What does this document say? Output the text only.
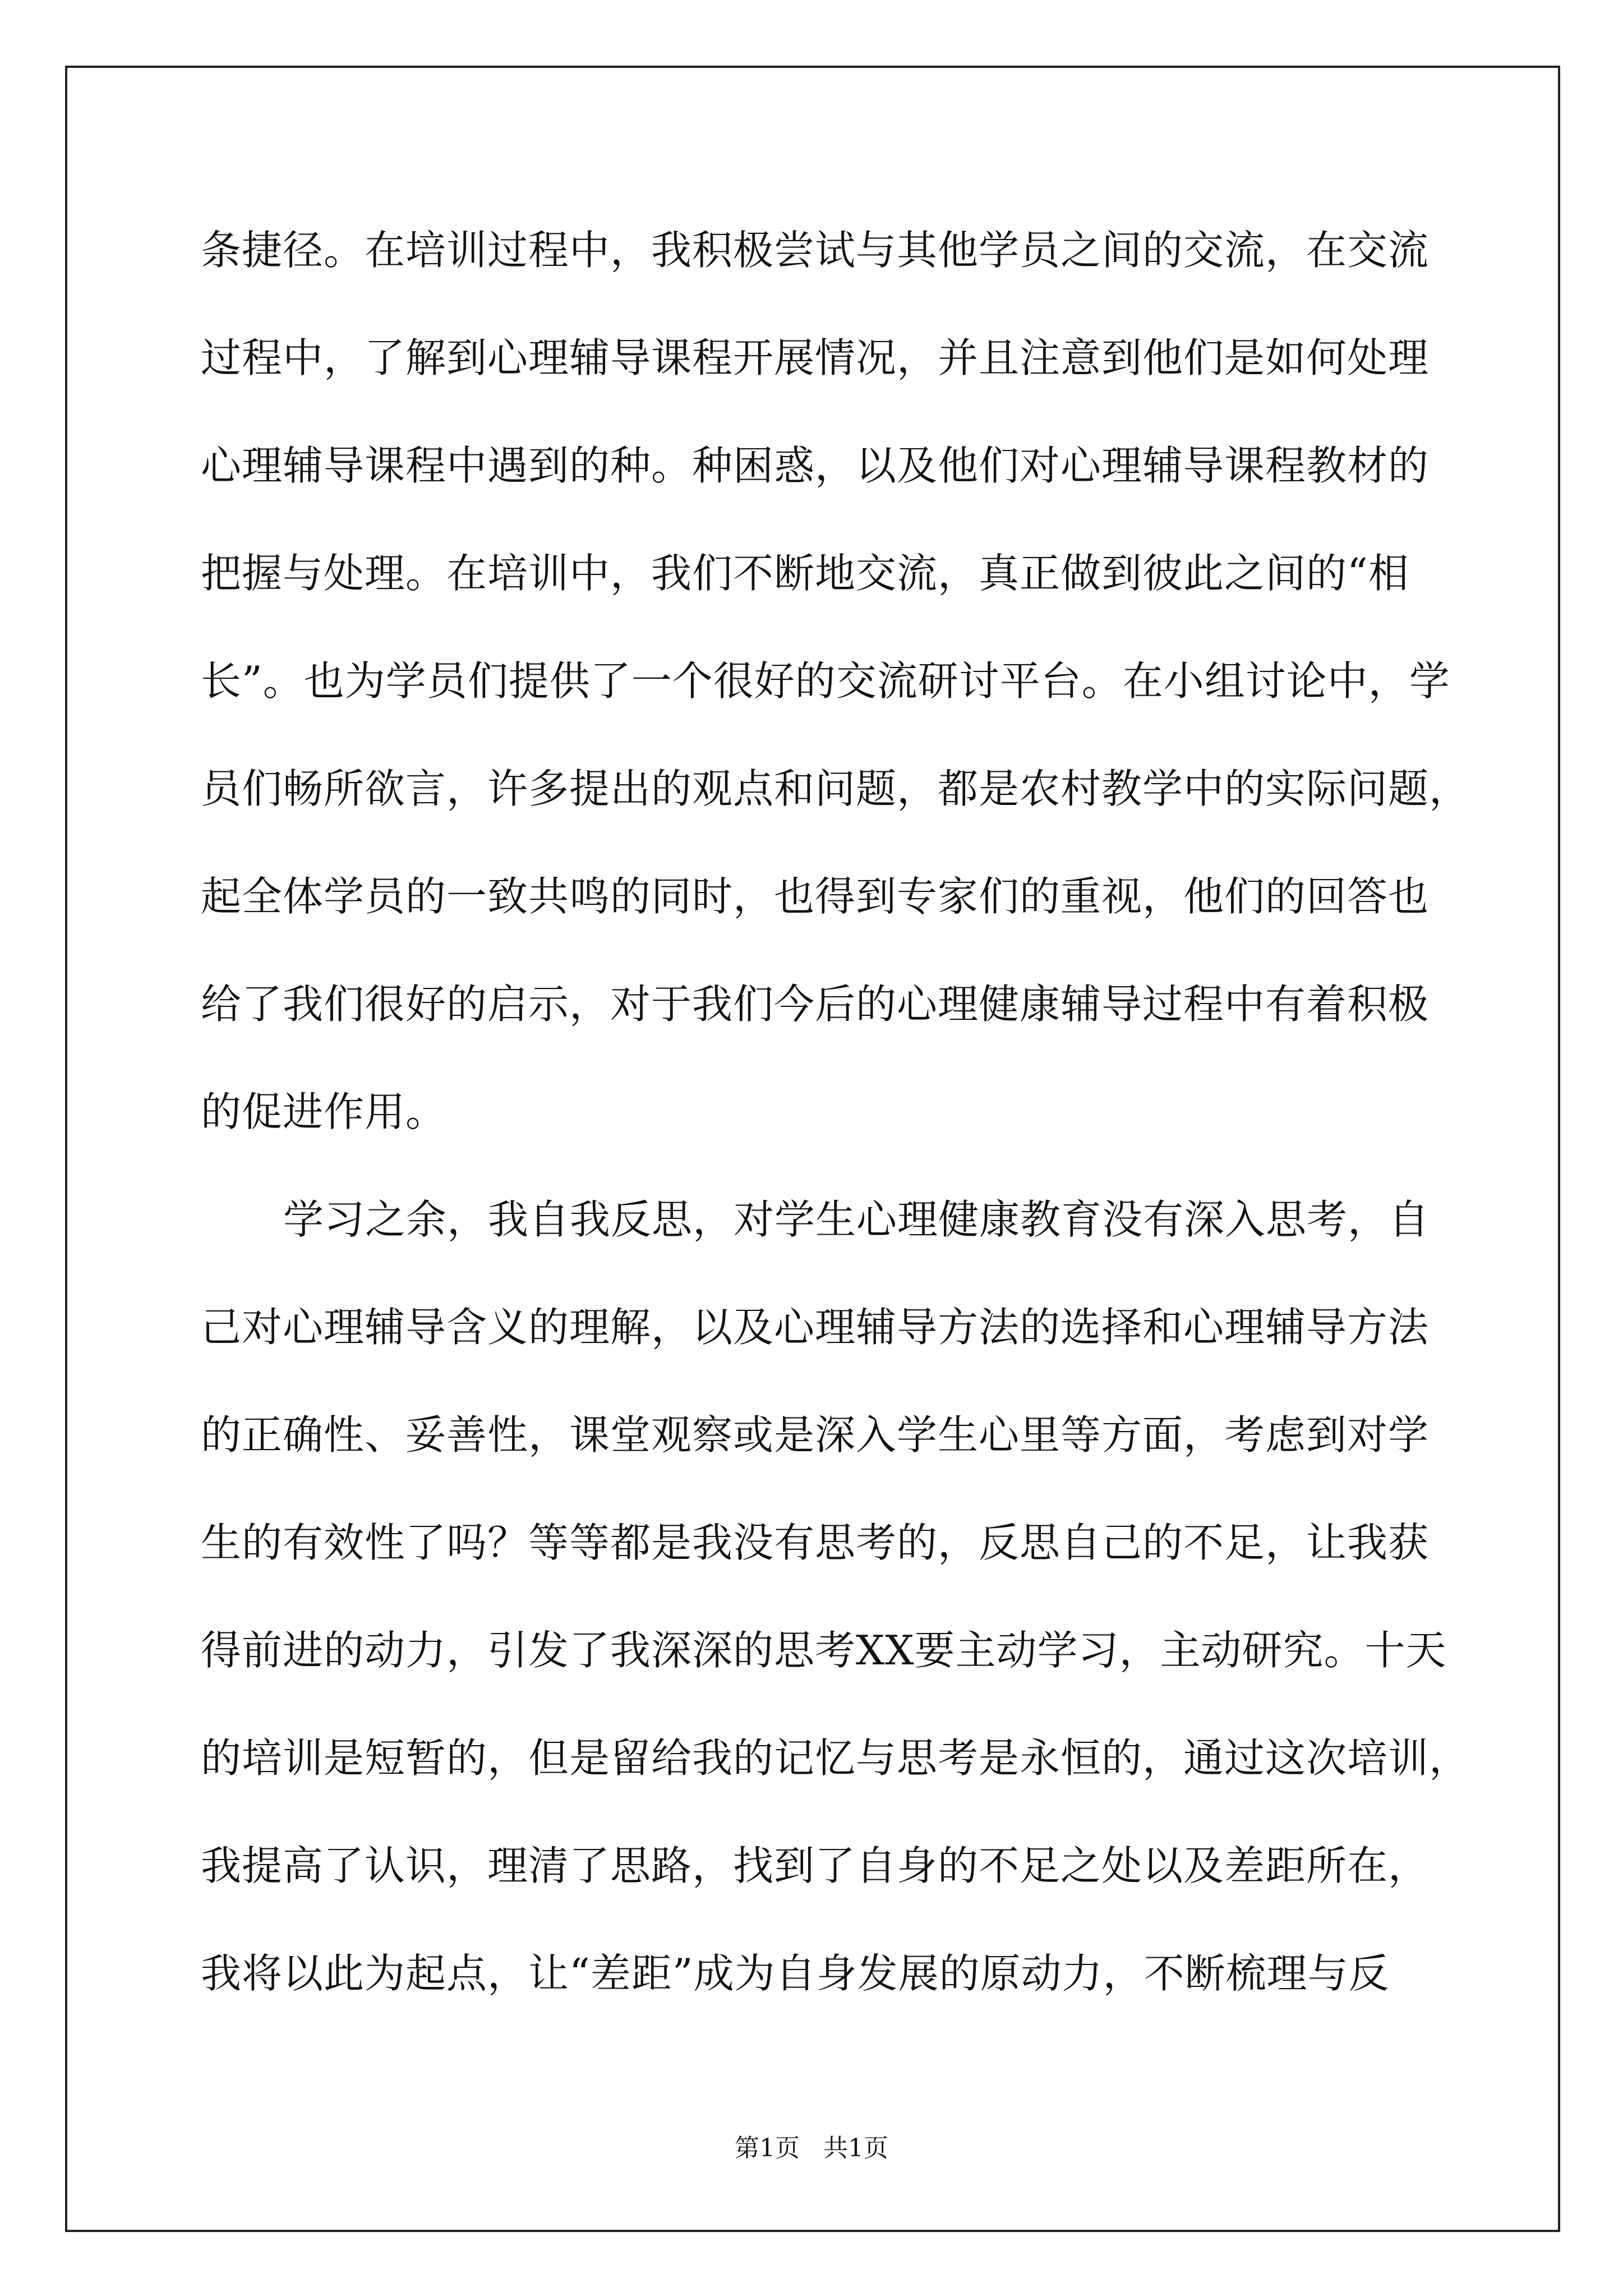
条捷径。在培训过程中，我积极尝试与其他学员之间的交流，在交流
过程中，了解到心理辅导课程开展情况，并且注意到他们是如何处理
心理辅导课程中遇到的种。种困惑，以及他们对心理辅导课程教材的
把握与处理。在培训中，我们不断地交流，真正做到彼此之间的“相
长”。也为学员们提供了一个很好的交流研讨平台。在小组讨论中，学
员们畅所欲言，许多提出的观点和问题，都是农村教学中的实际问题，
起全体学员的一致共鸣的同时，也得到专家们的重视，他们的回答也
给了我们很好的启示，对于我们今后的心理健康辅导过程中有着积极
的促进作用。
学习之余，我自我反思，对学生心理健康教育没有深入思考，自
己对心理辅导含义的理解，以及心理辅导方法的选择和心理辅导方法
的正确性、妥善性，课堂观察或是深入学生心里等方面，考虑到对学
生的有效性了吗？等等都是我没有思考的，反思自己的不足，让我获
得前进的动力，引发了我深深的思考XX要主动学习，主动研究。十天
的培训是短暂的，但是留给我的记忆与思考是永恒的，通过这次培训，
我提高了认识，理清了思路，找到了自身的不足之处以及差距所在，
我将以此为起点，让“差距”成为自身发展的原动力，不断梳理与反
第1页   共1页
